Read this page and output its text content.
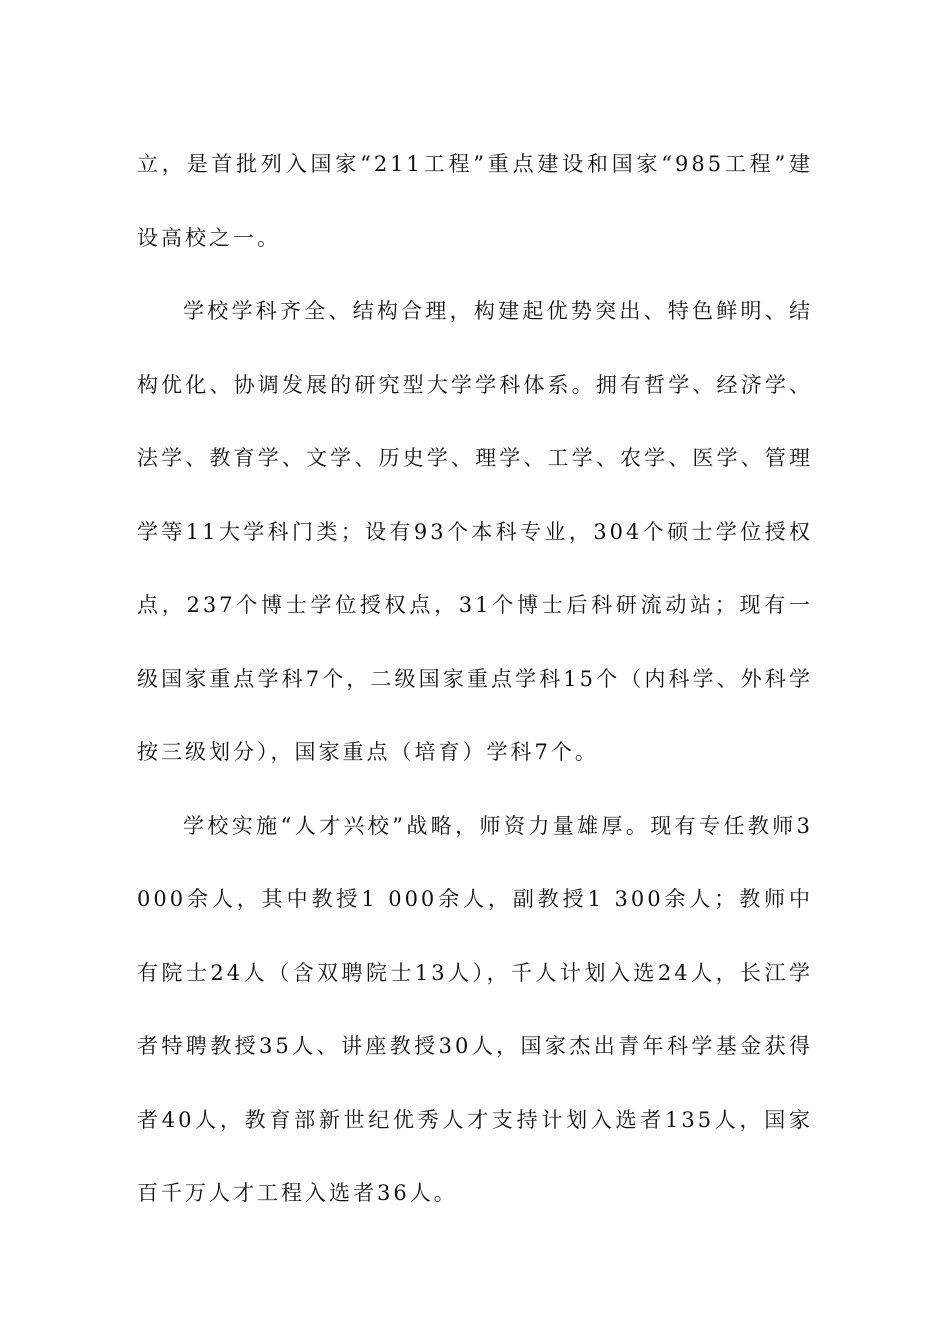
立，是首批列入国家“211工程”重点建设和国家“985工程”建设高校之一。

学校学科齐全、结构合理，构建起优势突出、特色鲜明、结构优化、协调发展的研究型大学学科体系。拥有哲学、经济学、法学、教育学、文学、历史学、理学、工学、农学、医学、管理学等11大学科门类；设有93个本科专业，304个硕士学位授权点，237个博士学位授权点，31个博士后科研流动站；现有一级国家重点学科7个，二级国家重点学科15个（内科学、外科学按三级划分），国家重点（培育）学科7个。

学校实施“人才兴校”战略，师资力量雄厚。现有专任教师3 000余人，其中教授1 000余人，副教授1 300余人；教师中有院士24人（含双聘院士13人），千人计划入选24人，长江学者特聘教授35人、讲座教授30人，国家杰出青年科学基金获得者40人，教育部新世纪优秀人才支持计划入选者135人，国家百千万人才工程入选者36人。
